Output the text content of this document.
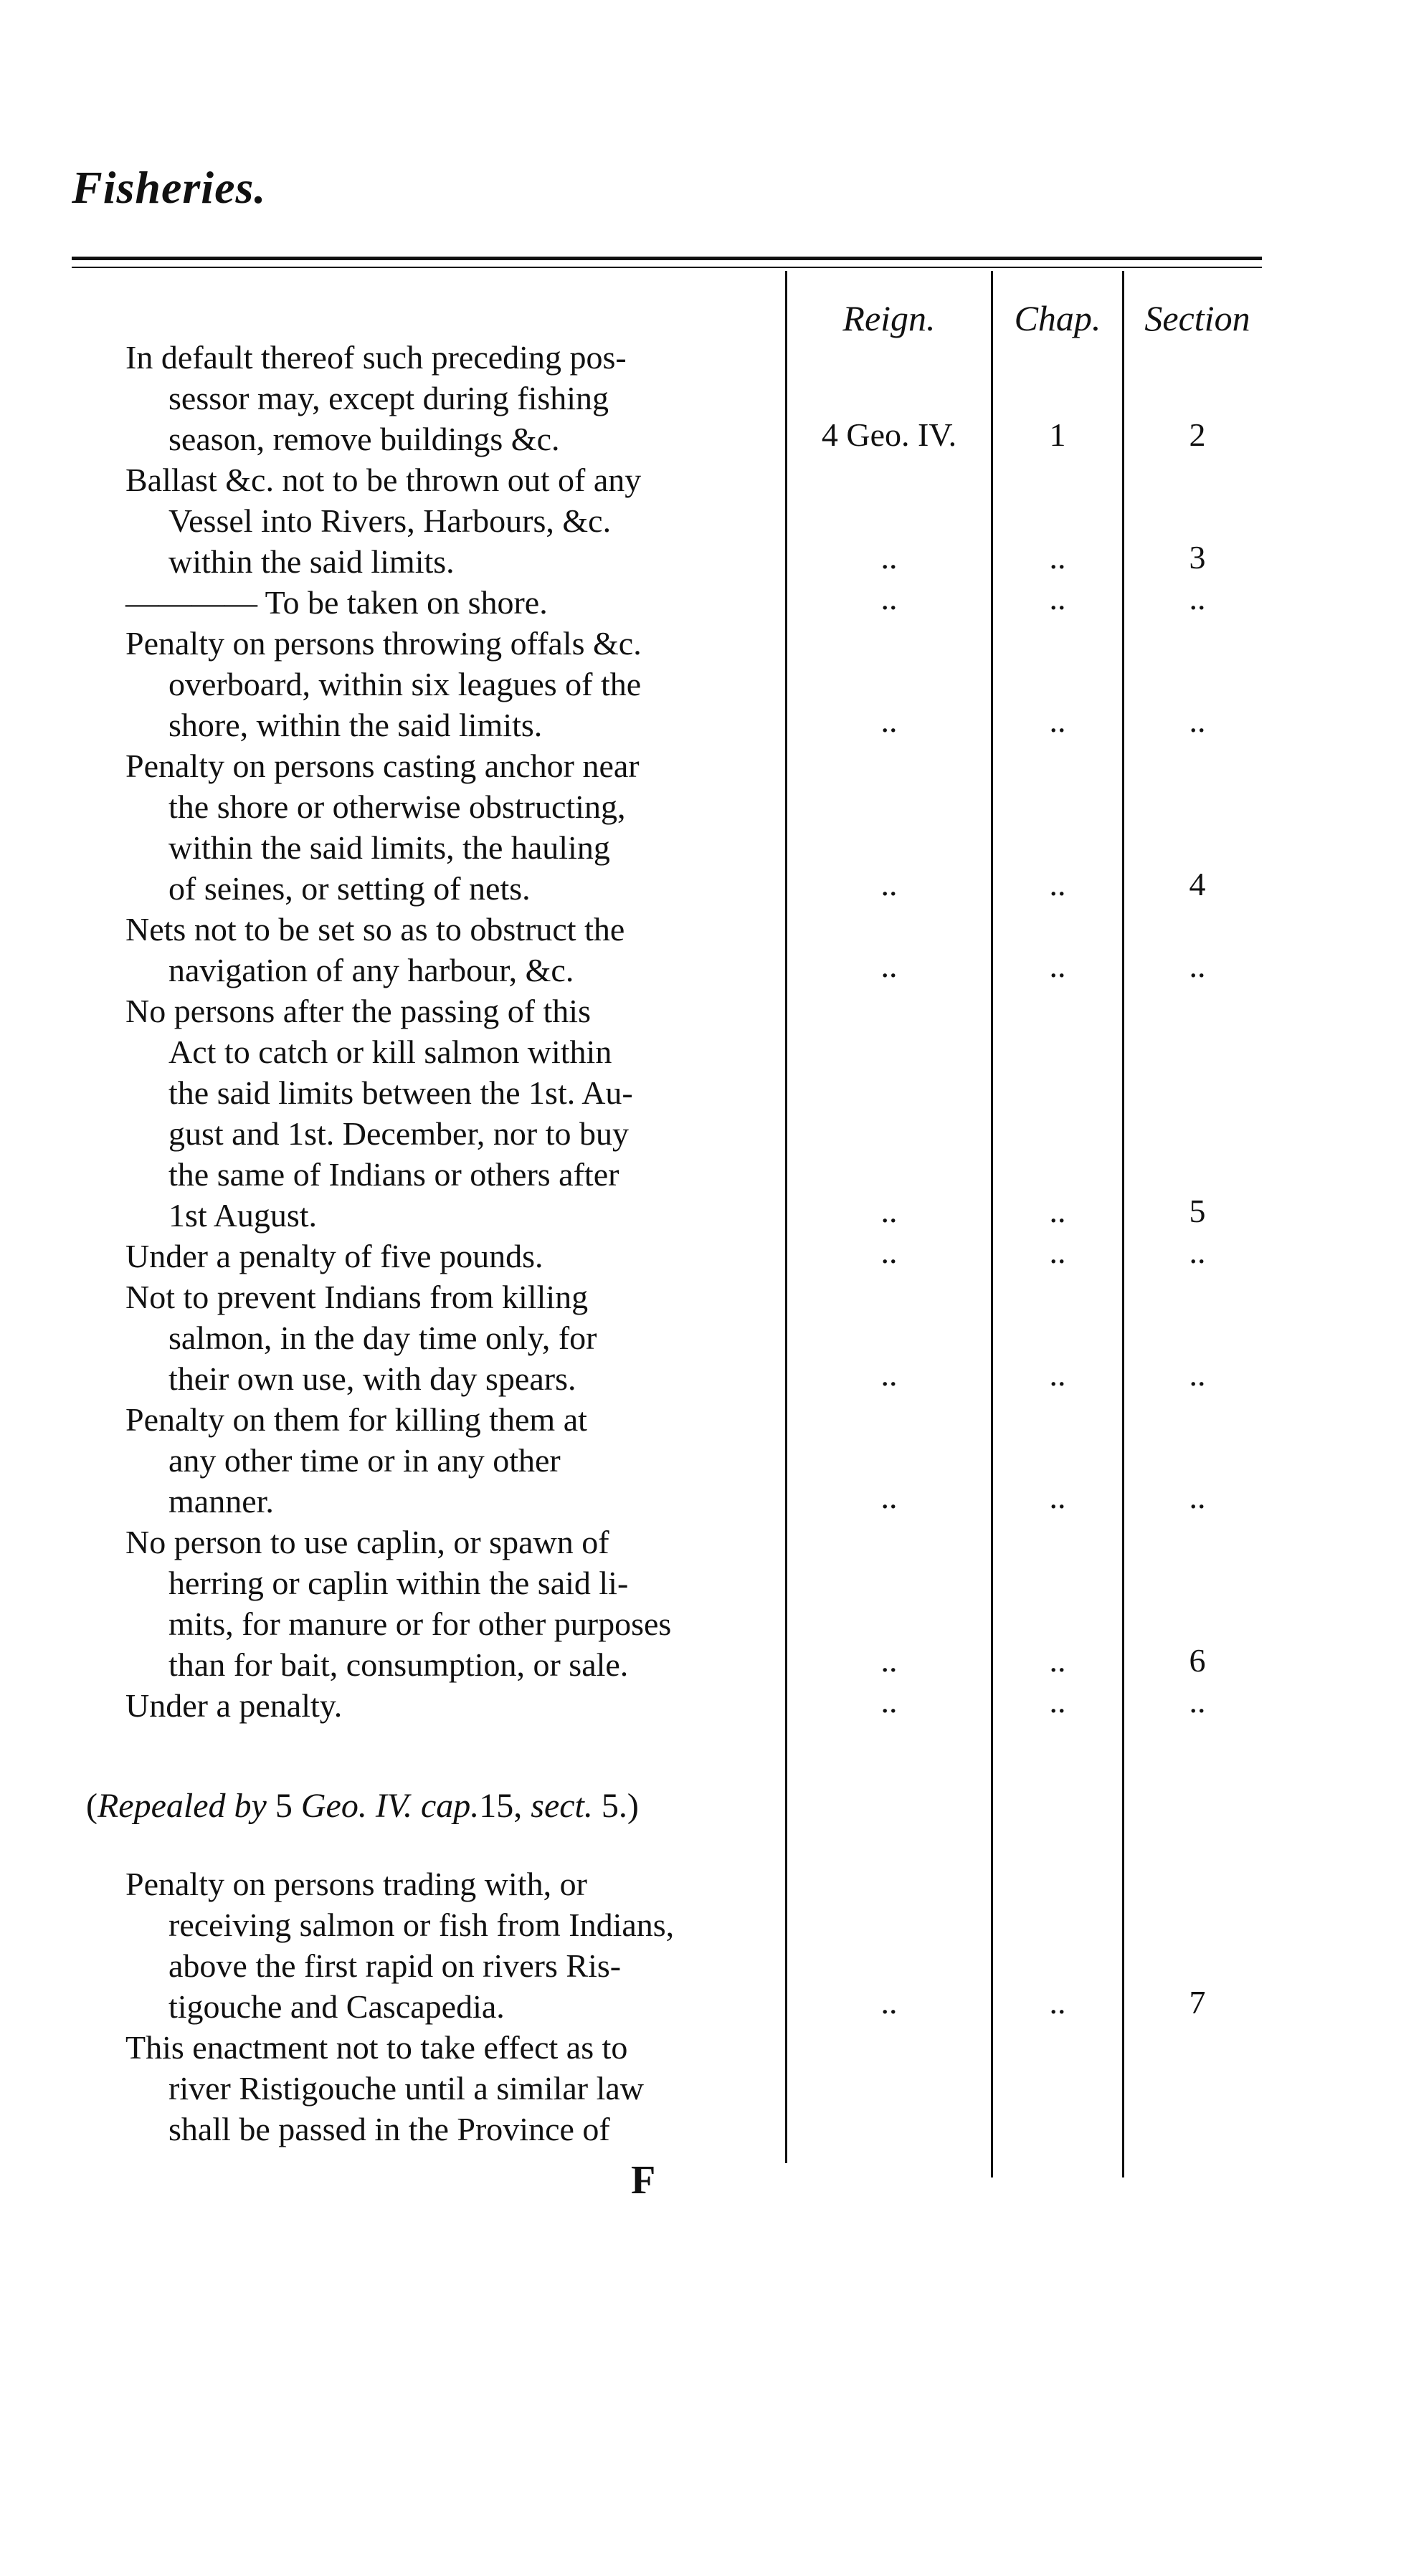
Fisheries.
Reign.	Chap.	Section
In default thereof such preceding pos-
sessor may, except during fishing
season, remove buildings &c.	4 Geo. IV.	1	2
Ballast &c. not to be thrown out of any
Vessel into Rivers, Harbours, &c.
within the said limits.	..	..	3
———— To be taken on shore.	..	..	..
Penalty on persons throwing offals &c.
overboard, within six leagues of the
shore, within the said limits.	..	..	..
Penalty on persons casting anchor near
the shore or otherwise obstructing,
within the said limits, the hauling
of seines, or setting of nets.	..	..	4
Nets not to be set so as to obstruct the
navigation of any harbour, &c.	..	..	..
No persons after the passing of this
Act to catch or kill salmon within
the said limits between the 1st. Au-
gust and 1st. December, nor to buy
the same of Indians or others after
1st August.	..	..	5
Under a penalty of five pounds.	..	..	..
Not to prevent Indians from killing
salmon, in the day time only, for
their own use, with day spears.	..	..	..
Penalty on them for killing them at
any other time or in any other
manner.	..	..	..
No person to use caplin, or spawn of
herring or caplin within the said li-
mits, for manure or for other purposes
than for bait, consumption, or sale.	..	..	6
Under a penalty.	..	..	..
Penalty on persons trading with, or
receiving salmon or fish from Indians,
above the first rapid on rivers Ris-
tigouche and Cascapedia.	..	..	7
This enactment not to take effect as to
river Ristigouche until a similar law
shall be passed in the Province of
(Repealed by 5 Geo. IV. cap.15, sect. 5.)
F
